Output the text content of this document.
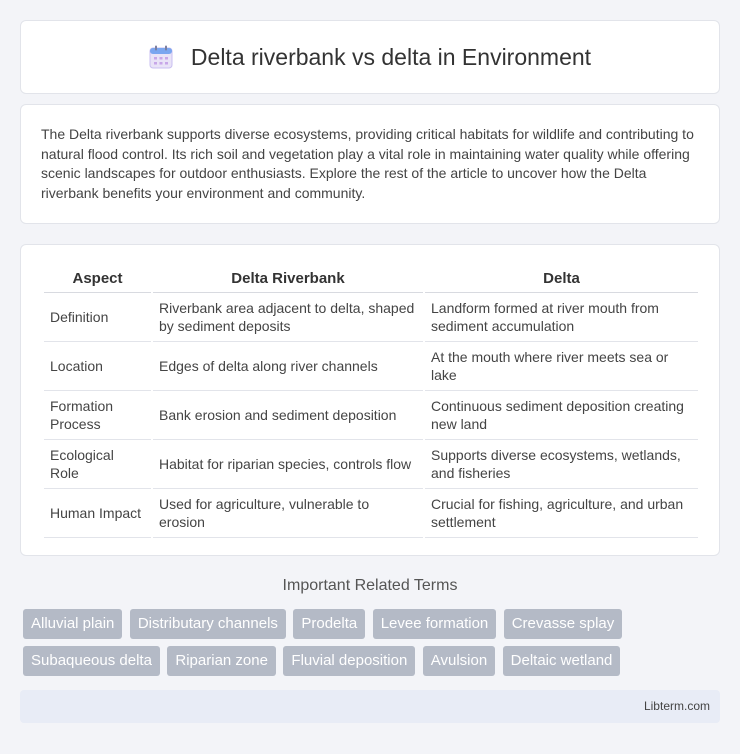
Delta riverbank vs delta in Environment

The Delta riverbank supports diverse ecosystems, providing critical habitats for wildlife and contributing to natural flood control. Its rich soil and vegetation play a vital role in maintaining water quality while offering scenic landscapes for outdoor enthusiasts. Explore the rest of the article to uncover how the Delta riverbank benefits your environment and community.

Aspect	Delta Riverbank	Delta
Definition	Riverbank area adjacent to delta, shaped by sediment deposits	Landform formed at river mouth from sediment accumulation
Location	Edges of delta along river channels	At the mouth where river meets sea or lake
Formation Process	Bank erosion and sediment deposition	Continuous sediment deposition creating new land
Ecological Role	Habitat for riparian species, controls flow	Supports diverse ecosystems, wetlands, and fisheries
Human Impact	Used for agriculture, vulnerable to erosion	Crucial for fishing, agriculture, and urban settlement
Important Related Terms
Alluvial plain Distributary channels Prodelta Levee formation Crevasse splay Subaqueous delta Riparian zone Fluvial deposition Avulsion Deltaic wetland
Libterm.com
